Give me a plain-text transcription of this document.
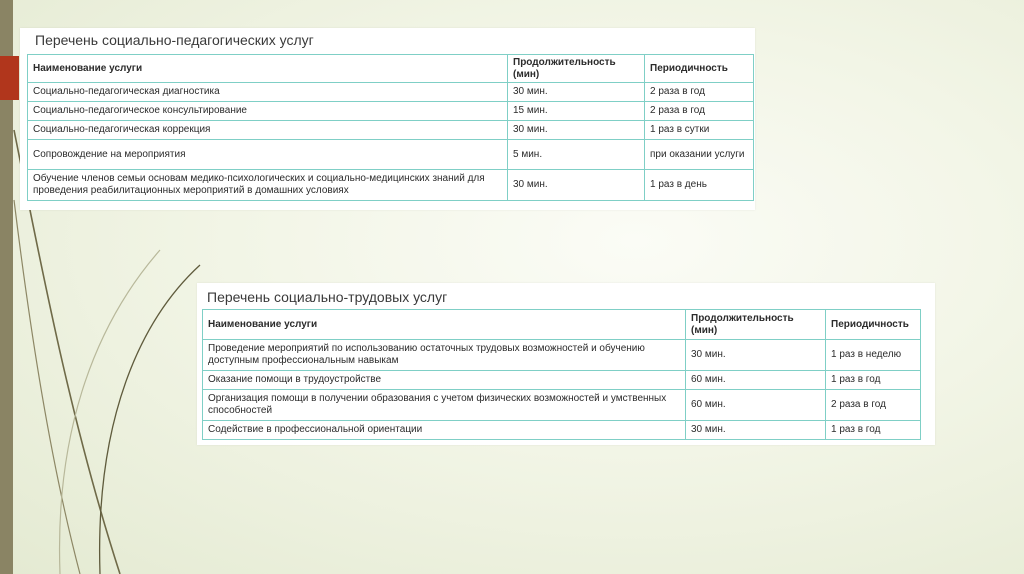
Перечень социально-педагогических услуг
Наименование услуги	Продолжительность (мин)	Периодичность
Социально-педагогическая диагностика	30 мин.	2 раза в год
Социально-педагогическое консультирование	15 мин.	2 раза в год
Социально-педагогическая коррекция	30 мин.	1 раз в сутки
Сопровождение на мероприятия	5 мин.	при оказании услуги
Обучение членов семьи основам медико-психологических и социально-медицинских знаний для проведения реабилитационных мероприятий в домашних условиях	30 мин.	1 раз в день
Перечень социально-трудовых услуг
Наименование услуги	Продолжительность (мин)	Периодичность
Проведение мероприятий по использованию остаточных трудовых возможностей и обучению доступным профессиональным навыкам	30 мин.	1 раз в неделю
Оказание помощи в трудоустройстве	60 мин.	1 раз в год
Организация помощи в получении образования с учетом физических возможностей и умственных способностей	60 мин.	2 раза в год
Содействие в профессиональной ориентации	30 мин.	1 раз в год
